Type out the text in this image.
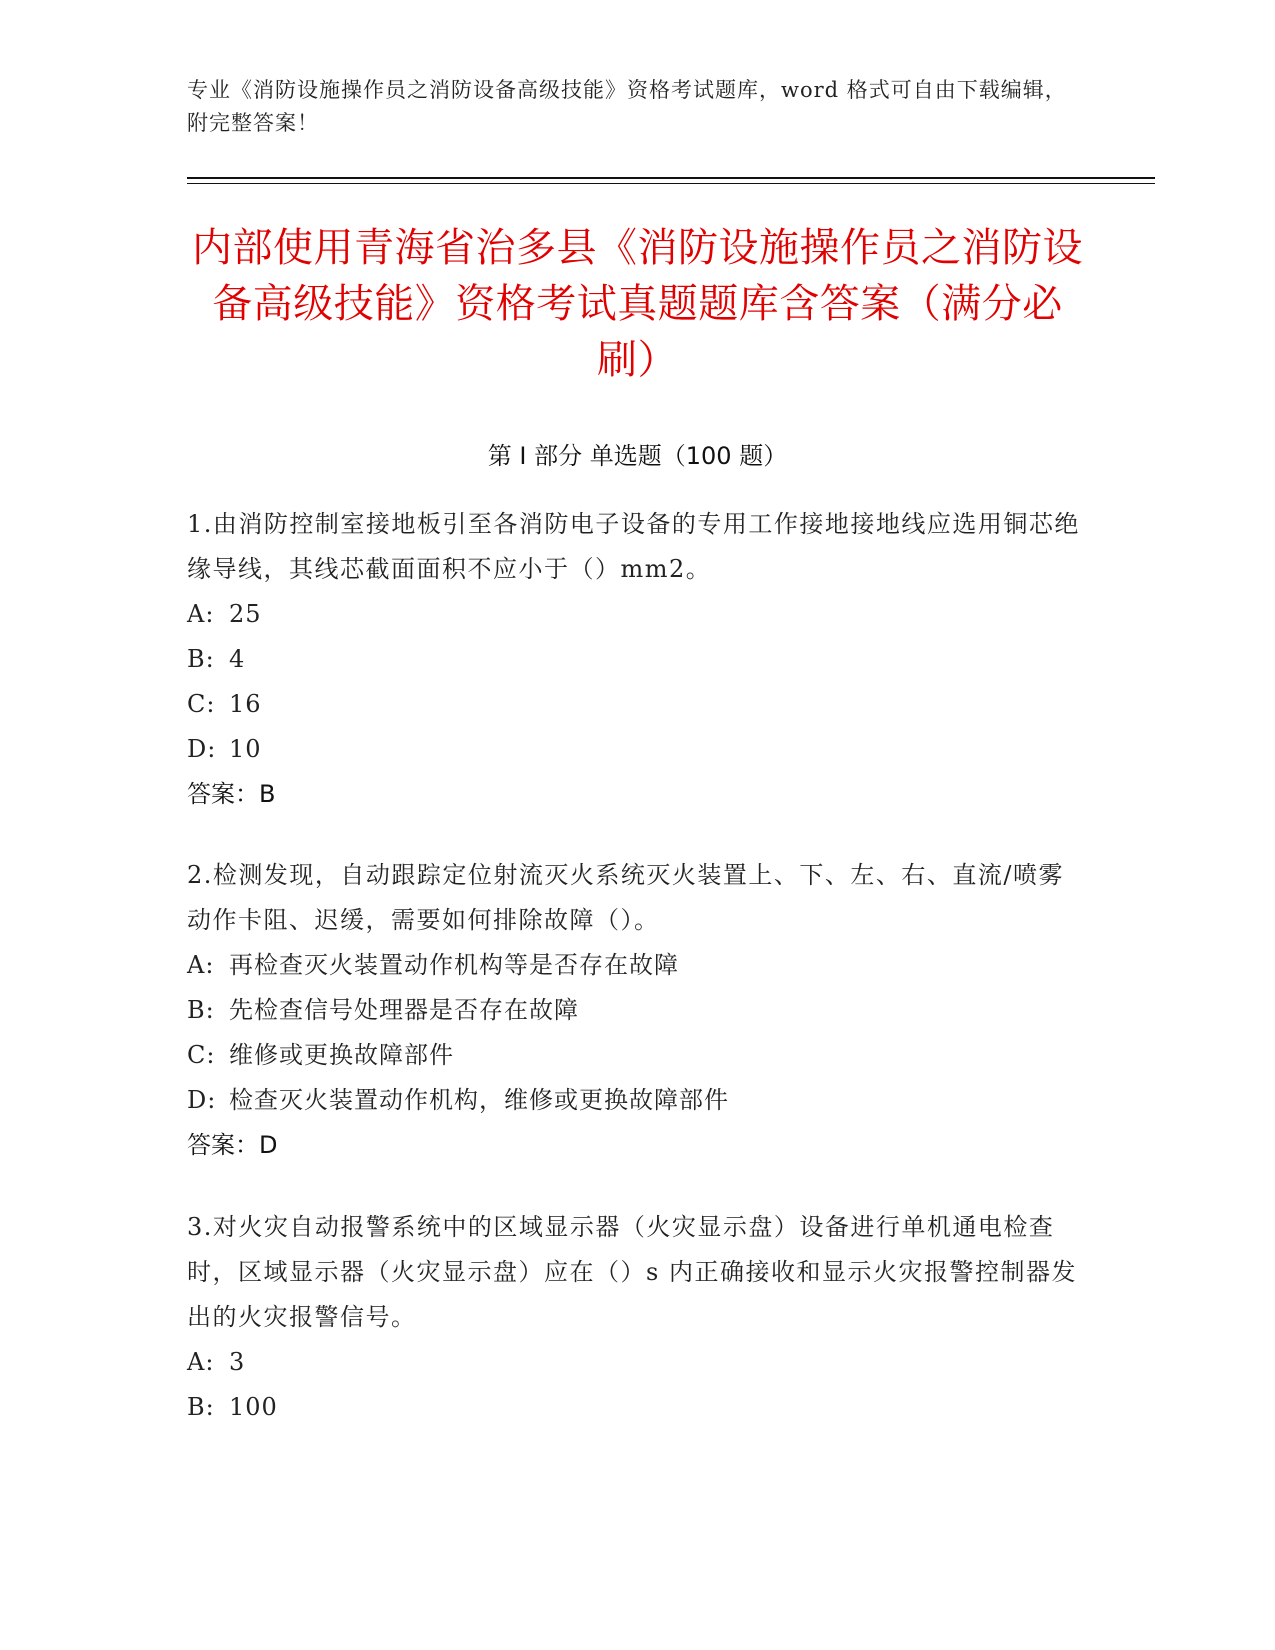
专业《消防设施操作员之消防设备高级技能》资格考试题库，word 格式可自由下载编辑，附完整答案！
内部使用青海省治多县《消防设施操作员之消防设备高级技能》资格考试真题题库含答案（满分必刷）
第 I 部分 单选题（100 题）

1.由消防控制室接地板引至各消防电子设备的专用工作接地接地线应选用铜芯绝缘导线，其线芯截面面积不应小于（）mm2。

A: 25

B: 4

C: 16

D: 10

答案：B

2.检测发现，自动跟踪定位射流灭火系统灭火装置上、下、左、右、直流/喷雾动作卡阻、迟缓，需要如何排除故障（）。

A: 再检查灭火装置动作机构等是否存在故障

B: 先检查信号处理器是否存在故障

C: 维修或更换故障部件

D: 检查灭火装置动作机构，维修或更换故障部件

答案：D

3.对火灾自动报警系统中的区域显示器（火灾显示盘）设备进行单机通电检查时，区域显示器（火灾显示盘）应在（）s 内正确接收和显示火灾报警控制器发出的火灾报警信号。

A: 3

B: 100
